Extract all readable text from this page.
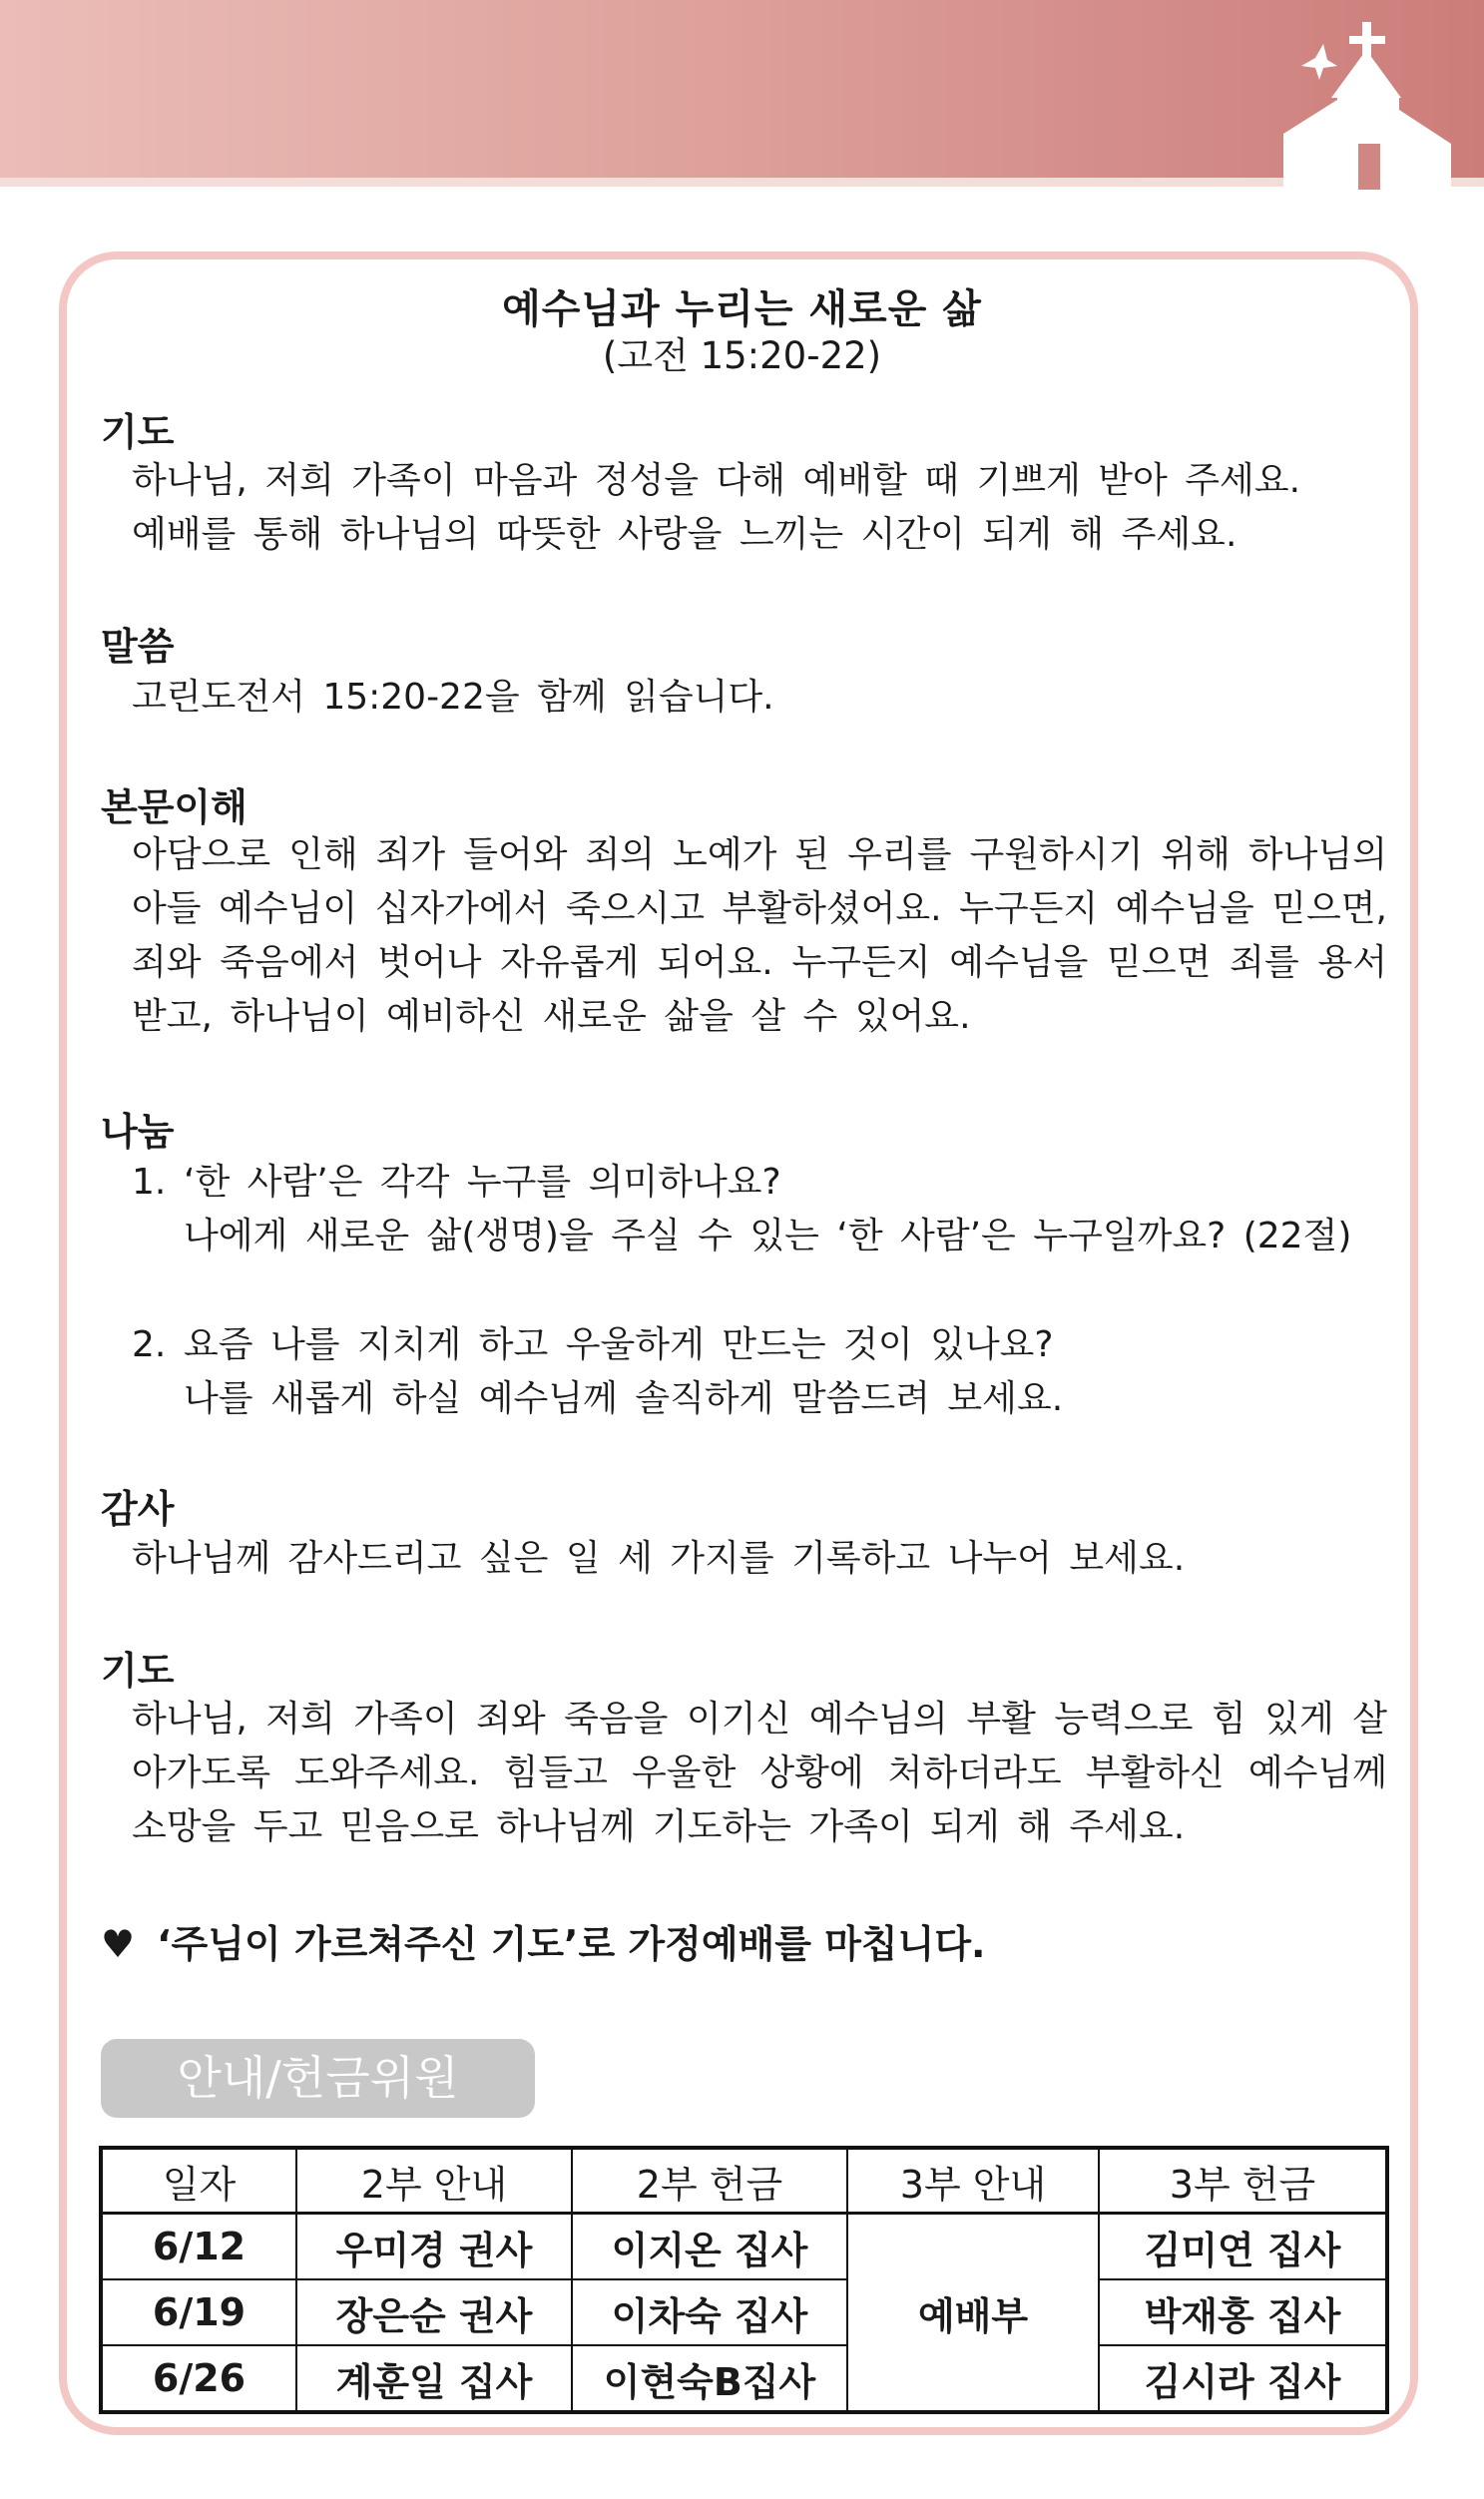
예수님과 누리는 새로운 삶
(고전 15:20-22)
기도
하나님, 저희 가족이 마음과 정성을 다해 예배할 때 기쁘게 받아 주세요.
예배를 통해 하나님의 따뜻한 사랑을 느끼는 시간이 되게 해 주세요.
말씀
고린도전서 15:20-22을 함께 읽습니다.
본문이해
아담으로 인해 죄가 들어와 죄의 노예가 된 우리를 구원하시기 위해 하나님의 아들 예수님이 십자가에서 죽으시고 부활하셨어요. 누구든지 예수님을 믿으면, 죄와 죽음에서 벗어나 자유롭게 되어요. 누구든지 예수님을 믿으면 죄를 용서받고, 하나님이 예비하신 새로운 삶을 살 수 있어요.
나눔
1. ‘한 사람’은 각각 누구를 의미하나요?
나에게 새로운 삶(생명)을 주실 수 있는 ‘한 사람’은 누구일까요? (22절)
2. 요즘 나를 지치게 하고 우울하게 만드는 것이 있나요?
나를 새롭게 하실 예수님께 솔직하게 말씀드려 보세요.
감사
하나님께 감사드리고 싶은 일 세 가지를 기록하고 나누어 보세요.
기도
하나님, 저희 가족이 죄와 죽음을 이기신 예수님의 부활 능력으로 힘 있게 살아가도록 도와주세요. 힘들고 우울한 상황에 처하더라도 부활하신 예수님께 소망을 두고 믿음으로 하나님께 기도하는 가족이 되게 해 주세요.
♥ ‘주님이 가르쳐주신 기도’로 가정예배를 마칩니다.
안내/헌금위원
일자	2부 안내	2부 헌금	3부 안내	3부 헌금
6/12	우미경 권사	이지온 집사	예배부	김미연 집사
6/19	장은순 권사	이차숙 집사		박재홍 집사
6/26	계훈일 집사	이현숙B집사		김시라 집사
